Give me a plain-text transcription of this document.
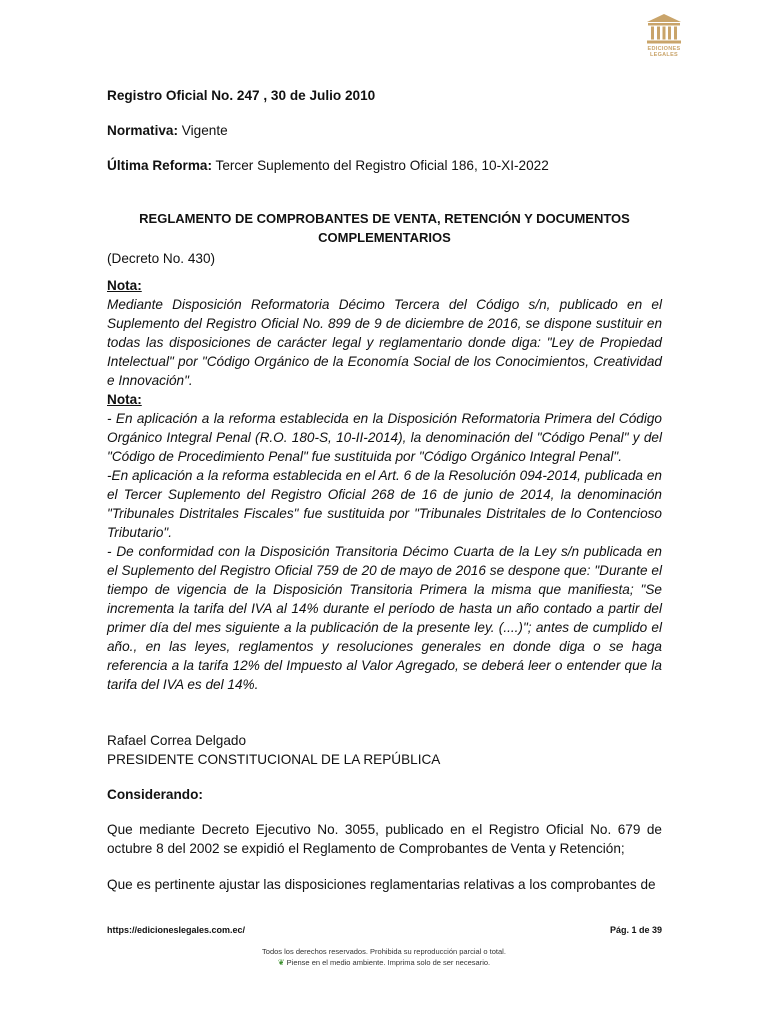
EDICIONES
LEGALES

Registro Oficial No. 247 , 30 de Julio 2010

Normativa: Vigente

Última Reforma: Tercer Suplemento del Registro Oficial 186, 10-XI-2022

REGLAMENTO DE COMPROBANTES DE VENTA, RETENCIÓN Y DOCUMENTOS COMPLEMENTARIOS

(Decreto No. 430)

Nota:

Mediante Disposición Reformatoria Décimo Tercera del Código s/n, publicado en el Suplemento del Registro Oficial No. 899 de 9 de diciembre de 2016, se dispone sustituir en todas las disposiciones de carácter legal y reglamentario donde diga: "Ley de Propiedad Intelectual" por "Código Orgánico de la Economía Social de los Conocimientos, Creatividad e Innovación".

Nota:

- En aplicación a la reforma establecida en la Disposición Reformatoria Primera del Código Orgánico Integral Penal (R.O. 180-S, 10-II-2014), la denominación del "Código Penal" y del "Código de Procedimiento Penal" fue sustituida por "Código Orgánico Integral Penal".

-En aplicación a la reforma establecida en el Art. 6 de la Resolución 094-2014, publicada en el Tercer Suplemento del Registro Oficial 268 de 16 de junio de 2014, la denominación "Tribunales Distritales Fiscales" fue sustituida por "Tribunales Distritales de lo Contencioso Tributario".

- De conformidad con la Disposición Transitoria Décimo Cuarta de la Ley s/n publicada en el Suplemento del Registro Oficial 759 de 20 de mayo de 2016 se despone que: "Durante el tiempo de vigencia de la Disposición Transitoria Primera la misma que manifiesta; "Se incrementa la tarifa del IVA al 14% durante el período de hasta un año contado a partir del primer día del mes siguiente a la publicación de la presente ley. (....)"; antes de cumplido el año., en las leyes, reglamentos y resoluciones generales en donde diga o se haga referencia a la tarifa 12% del Impuesto al Valor Agregado, se deberá leer o entender que la tarifa del IVA es del 14%.

Rafael Correa Delgado

PRESIDENTE CONSTITUCIONAL DE LA REPÚBLICA

Considerando:

Que mediante Decreto Ejecutivo No. 3055, publicado en el Registro Oficial No. 679 de octubre 8 del 2002 se expidió el Reglamento de Comprobantes de Venta y Retención;

Que es pertinente ajustar las disposiciones reglamentarias relativas a los comprobantes de

https://edicioneslegales.com.ec/	Pág. 1 de 39
Todos los derechos reservados. Prohibida su reproducción parcial o total.
❦ Piense en el medio ambiente. Imprima solo de ser necesario.
